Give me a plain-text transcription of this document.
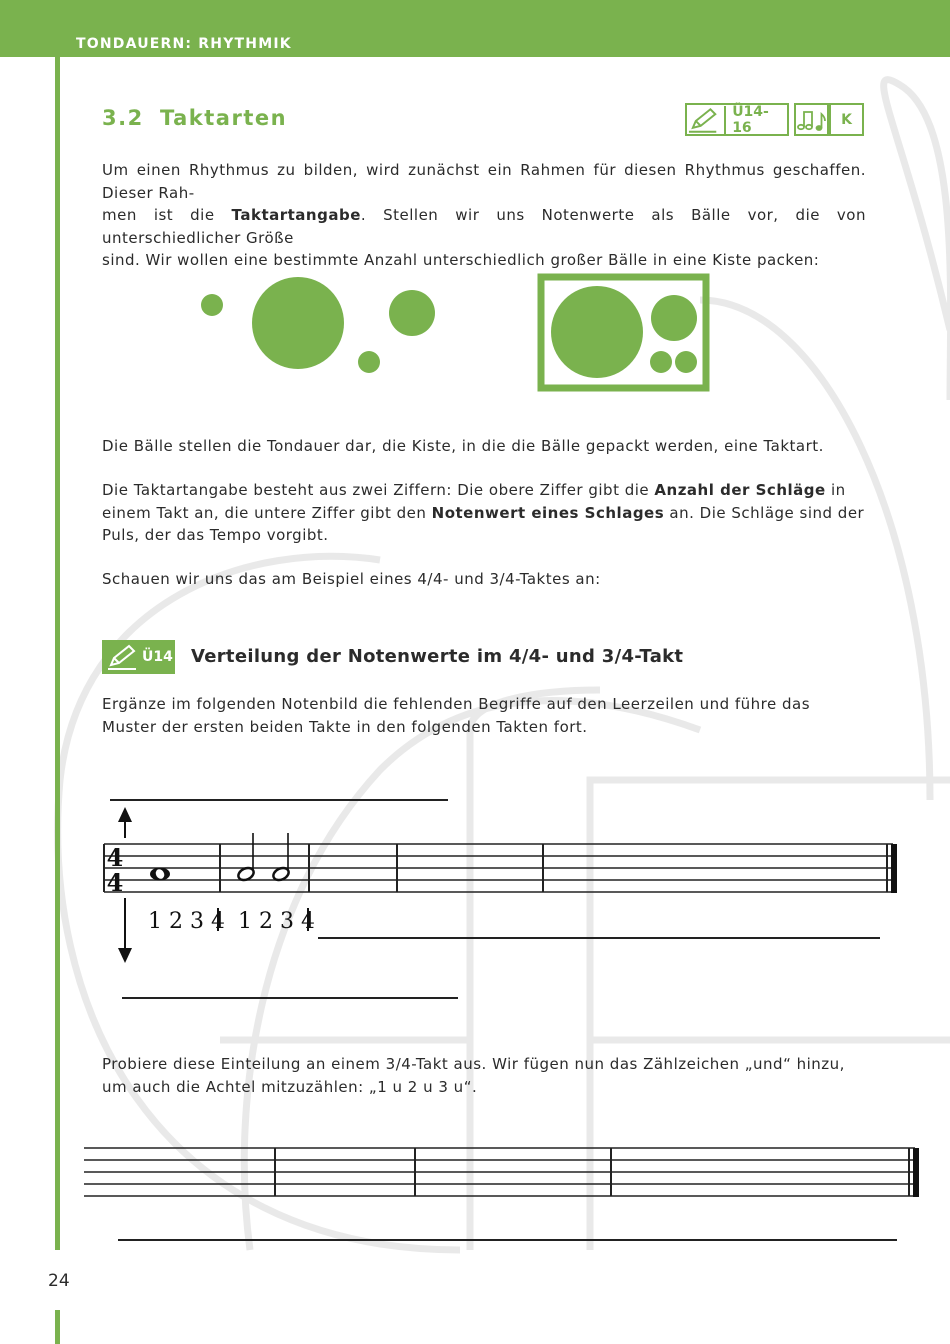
TONDAUERN: RHYTHMIK
3.2 Taktarten	Ü14-16	K
Um einen Rhythmus zu bilden, wird zunächst ein Rahmen für diesen Rhythmus geschaffen. Dieser Rah-
men ist die Taktartangabe. Stellen wir uns Notenwerte als Bälle vor, die von unterschiedlicher Größe
sind. Wir wollen eine bestimmte Anzahl unterschiedlich großer Bälle in eine Kiste packen:
Die Bälle stellen die Tondauer dar, die Kiste, in die die Bälle gepackt werden, eine Taktart.
Die Taktartangabe besteht aus zwei Ziffern: Die obere Ziffer gibt die Anzahl der Schläge in einem Takt an, die untere Ziffer gibt den Notenwert eines Schlages an. Die Schläge sind der Puls, der das Tempo vorgibt.
Schauen wir uns das am Beispiel eines 4/4- und 3/4-Taktes an:
Ü14 Verteilung der Notenwerte im 4/4- und 3/4-Takt
Ergänze im folgenden Notenbild die fehlenden Begriffe auf den Leerzeilen und führe das Muster der ersten beiden Takte in den folgenden Takten fort.
4
4
1 2 3 4 1 2 3 4
Probiere diese Einteilung an einem 3/4-Takt aus. Wir fügen nun das Zählzeichen „und“ hinzu, um auch die Achtel mitzuzählen: „1 u 2 u 3 u“.
24
